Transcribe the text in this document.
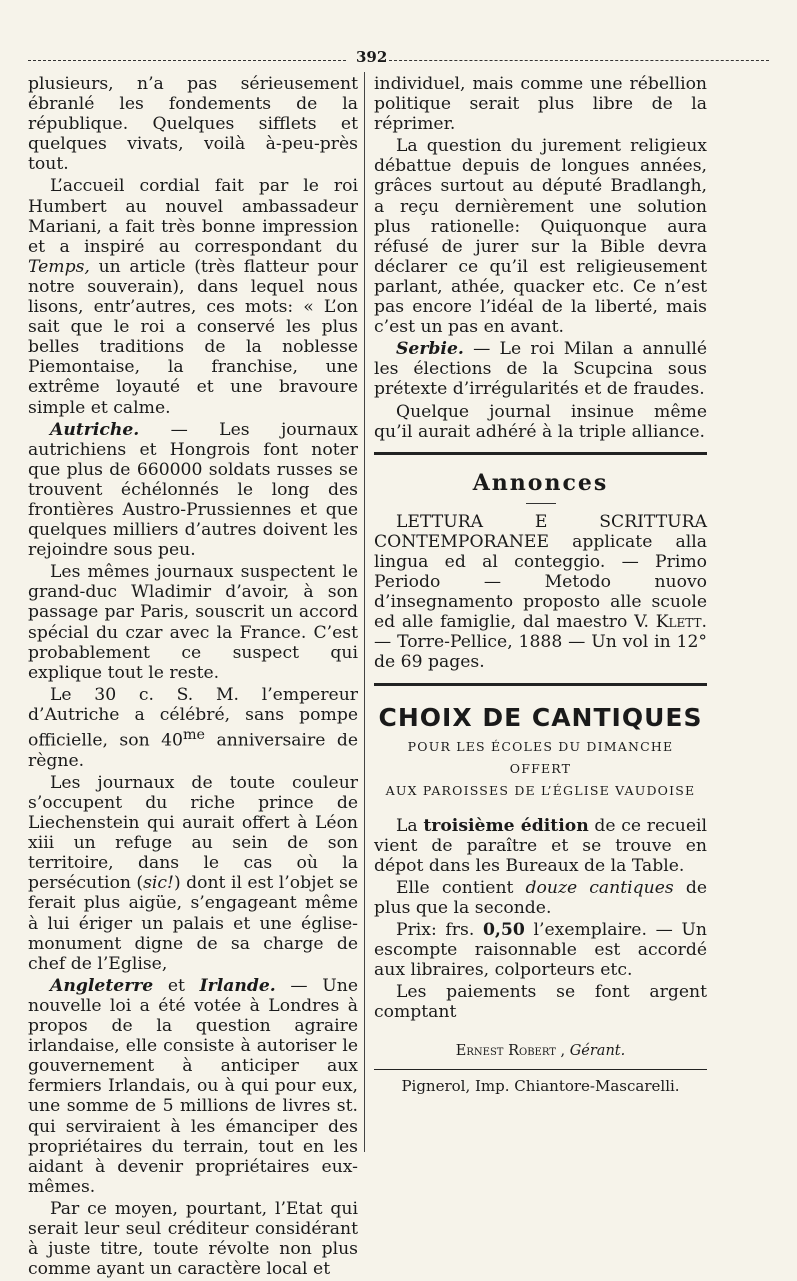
392

plusieurs, n’a pas sérieusement ébranlé les fondements de la république. Quelques sifflets et quelques vivats, voilà à-peu-près tout.

L’accueil cordial fait par le roi Humbert au nouvel ambassadeur Mariani, a fait très bonne impression et a inspiré au correspondant du Temps, un article (très flatteur pour notre souverain), dans lequel nous lisons, entr’autres, ces mots: « L’on sait que le roi a conservé les plus belles traditions de la noblesse Piemontaise, la franchise, une extrême loyauté et une bravoure simple et calme.

Autriche. — Les journaux autrichiens et Hongrois font noter que plus de 660000 soldats russes se trouvent échélonnés le long des frontières Austro-Prussiennes et que quelques milliers d’autres doivent les rejoindre sous peu.

Les mêmes journaux suspectent le grand-duc Wladimir d’avoir, à son passage par Paris, souscrit un accord spécial du czar avec la France. C’est probablement ce suspect qui explique tout le reste.

Le 30 c. S. M. l’empereur d’Autriche a célébré, sans pompe officielle, son $40^{me}$ anniversaire de règne.

Les journaux de toute couleur s’occupent du riche prince de Liechenstein qui aurait offert à Léon xiii un refuge au sein de son territoire, dans le cas où la persécution (sic!) dont il est l’objet se ferait plus aigüe, s’engageant même à lui ériger un palais et une église-monument digne de sa charge de chef de l’Eglise,

Angleterre et Irlande. — Une nouvelle loi a été votée à Londres à propos de la question agraire irlandaise, elle consiste à autoriser le gouvernement à anticiper aux fermiers Irlandais, ou à qui pour eux, une somme de 5 millions de livres st. qui serviraient à les émanciper des propriétaires du terrain, tout en les aidant à devenir propriétaires eux-mêmes.

Par ce moyen, pourtant, l’Etat qui serait leur seul créditeur considérant à juste titre, toute révolte non plus comme ayant un caractère local et

individuel, mais comme une rébellion politique serait plus libre de la réprimer.

La question du jurement religieux débattue depuis de longues années, grâces surtout au député Bradlangh, a reçu dernièrement une solution plus rationelle: Quiquonque aura réfusé de jurer sur la Bible devra déclarer ce qu’il est religieusement parlant, athée, quacker etc. Ce n’est pas encore l’idéal de la liberté, mais c’est un pas en avant.

Serbie. — Le roi Milan a annullé les élections de la Scupcina sous prétexte d’irrégularités et de fraudes.

Quelque journal insinue même qu’il aurait adhéré à la triple alliance.

Annonces

LETTURA E SCRITTURA CONTEMPORANEE applicate alla lingua ed al conteggio. — Primo Periodo — Metodo nuovo d’insegnamento proposto alle scuole ed alle famiglie, dal maestro V. Klett. — Torre-Pellice, 1888 — Un vol in 12° de 69 pages.

CHOIX DE CANTIQUES
POUR LES ÉCOLES DU DIMANCHE
OFFERT
AUX PAROISSES DE L’ÉGLISE VAUDOISE

La troisième édition de ce recueil vient de paraître et se trouve en dépot dans les Bureaux de la Table.

Elle contient douze cantiques de plus que la seconde.

Prix: frs. 0,50 l’exemplaire. — Un escompte raisonnable est accordé aux libraires, colporteurs etc.

Les paiements se font argent comptant

Ernest Robert , Gérant.
Pignerol, Imp. Chiantore-Mascarelli.
